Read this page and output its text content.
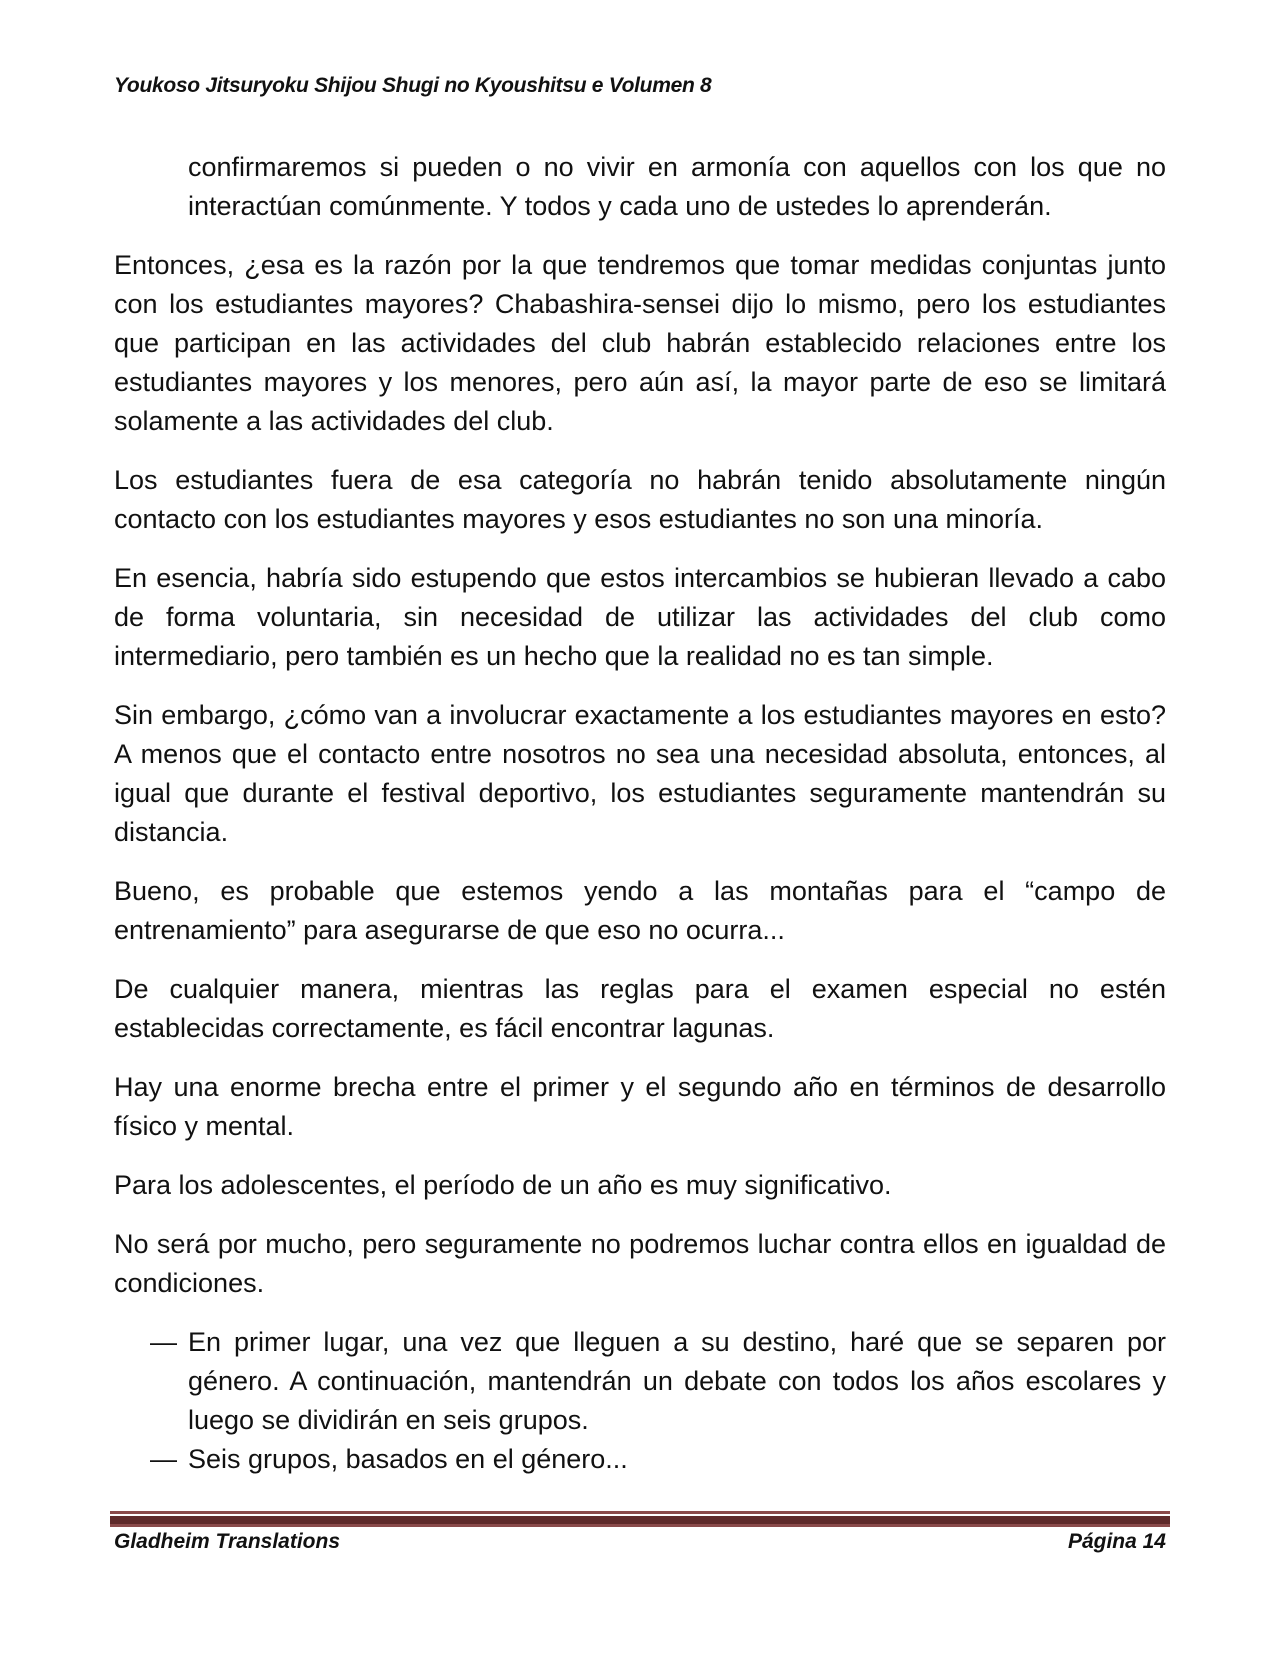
Youkoso Jitsuryoku Shijou Shugi no Kyoushitsu e Volumen 8

confirmaremos si pueden o no vivir en armonía con aquellos con los que no interactúan comúnmente. Y todos y cada uno de ustedes lo aprenderán.

Entonces, ¿esa es la razón por la que tendremos que tomar medidas conjuntas junto con los estudiantes mayores? Chabashira-sensei dijo lo mismo, pero los estudiantes que participan en las actividades del club habrán establecido relaciones entre los estudiantes mayores y los menores, pero aún así, la mayor parte de eso se limitará solamente a las actividades del club.

Los estudiantes fuera de esa categoría no habrán tenido absolutamente ningún contacto con los estudiantes mayores y esos estudiantes no son una minoría.

En esencia, habría sido estupendo que estos intercambios se hubieran llevado a cabo de forma voluntaria, sin necesidad de utilizar las actividades del club como intermediario, pero también es un hecho que la realidad no es tan simple.

Sin embargo, ¿cómo van a involucrar exactamente a los estudiantes mayores en esto? A menos que el contacto entre nosotros no sea una necesidad absoluta, entonces, al igual que durante el festival deportivo, los estudiantes seguramente mantendrán su distancia.

Bueno, es probable que estemos yendo a las montañas para el “campo de entrenamiento” para asegurarse de que eso no ocurra...

De cualquier manera, mientras las reglas para el examen especial no estén establecidas correctamente, es fácil encontrar lagunas.

Hay una enorme brecha entre el primer y el segundo año en términos de desarrollo físico y mental.

Para los adolescentes, el período de un año es muy significativo.

No será por mucho, pero seguramente no podremos luchar contra ellos en igualdad de condiciones.

— En primer lugar, una vez que lleguen a su destino, haré que se separen por género. A continuación, mantendrán un debate con todos los años escolares y luego se dividirán en seis grupos.

— Seis grupos, basados en el género...

Gladheim Translations	Página 14
